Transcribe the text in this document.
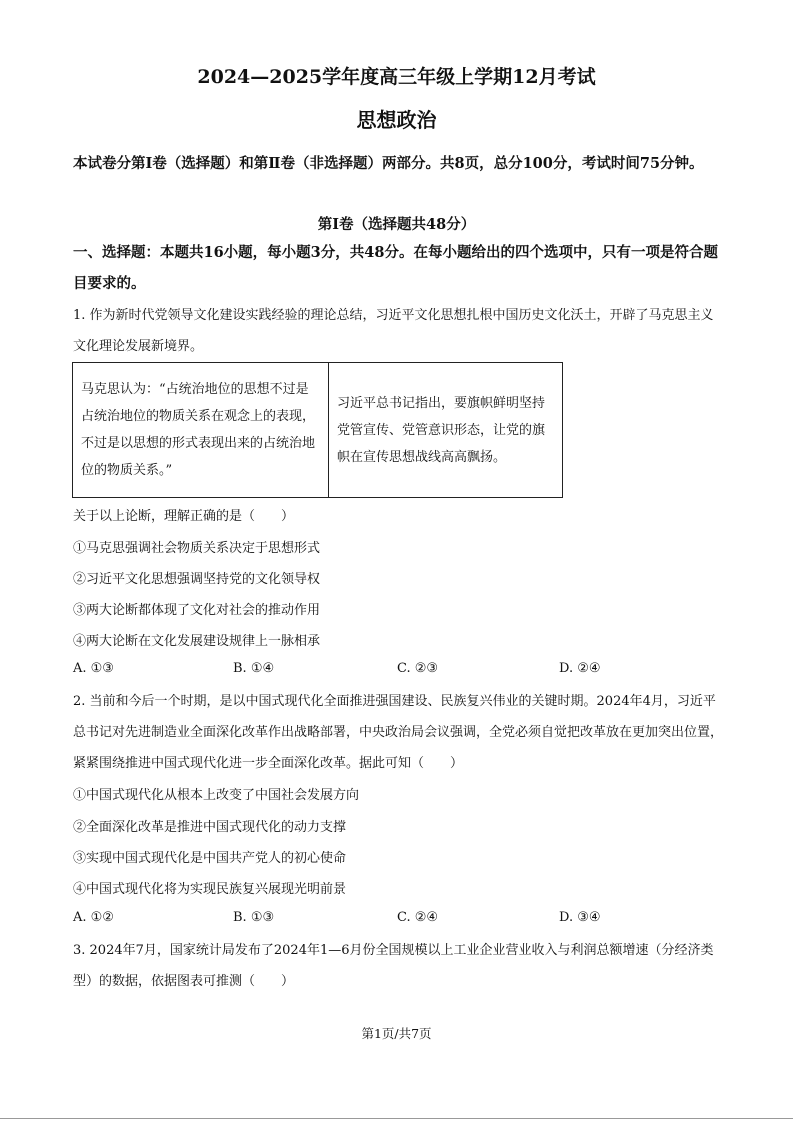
2024—2025学年度高三年级上学期12月考试
思想政治
本试卷分第Ⅰ卷（选择题）和第Ⅱ卷（非选择题）两部分。共8页，总分100分，考试时间75分钟。
第Ⅰ卷（选择题共48分）
一、选择题：本题共16小题，每小题3分，共48分。在每小题给出的四个选项中，只有一项是符合题目要求的。
1. 作为新时代党领导文化建设实践经验的理论总结，习近平文化思想扎根中国历史文化沃土，开辟了马克思主义文化理论发展新境界。
马克思认为：“占统治地位的思想不过是占统治地位的物质关系在观念上的表现，不过是以思想的形式表现出来的占统治地位的物质关系。”	习近平总书记指出，要旗帜鲜明坚持党管宣传、党管意识形态，让党的旗帜在宣传思想战线高高飘扬。
关于以上论断，理解正确的是（　　）
①马克思强调社会物质关系决定于思想形式
②习近平文化思想强调坚持党的文化领导权
③两大论断都体现了文化对社会的推动作用
④两大论断在文化发展建设规律上一脉相承
A. ①③	B. ①④	C. ②③	D. ②④
2. 当前和今后一个时期，是以中国式现代化全面推进强国建设、民族复兴伟业的关键时期。2024年4月，习近平总书记对先进制造业全面深化改革作出战略部署，中央政治局会议强调，全党必须自觉把改革放在更加突出位置，紧紧围绕推进中国式现代化进一步全面深化改革。据此可知（　　）
①中国式现代化从根本上改变了中国社会发展方向
②全面深化改革是推进中国式现代化的动力支撑
③实现中国式现代化是中国共产党人的初心使命
④中国式现代化将为实现民族复兴展现光明前景
A. ①②	B. ①③	C. ②④	D. ③④
3. 2024年7月，国家统计局发布了2024年1—6月份全国规模以上工业企业营业收入与利润总额增速（分经济类型）的数据，依据图表可推测（　　）
第1页/共7页
